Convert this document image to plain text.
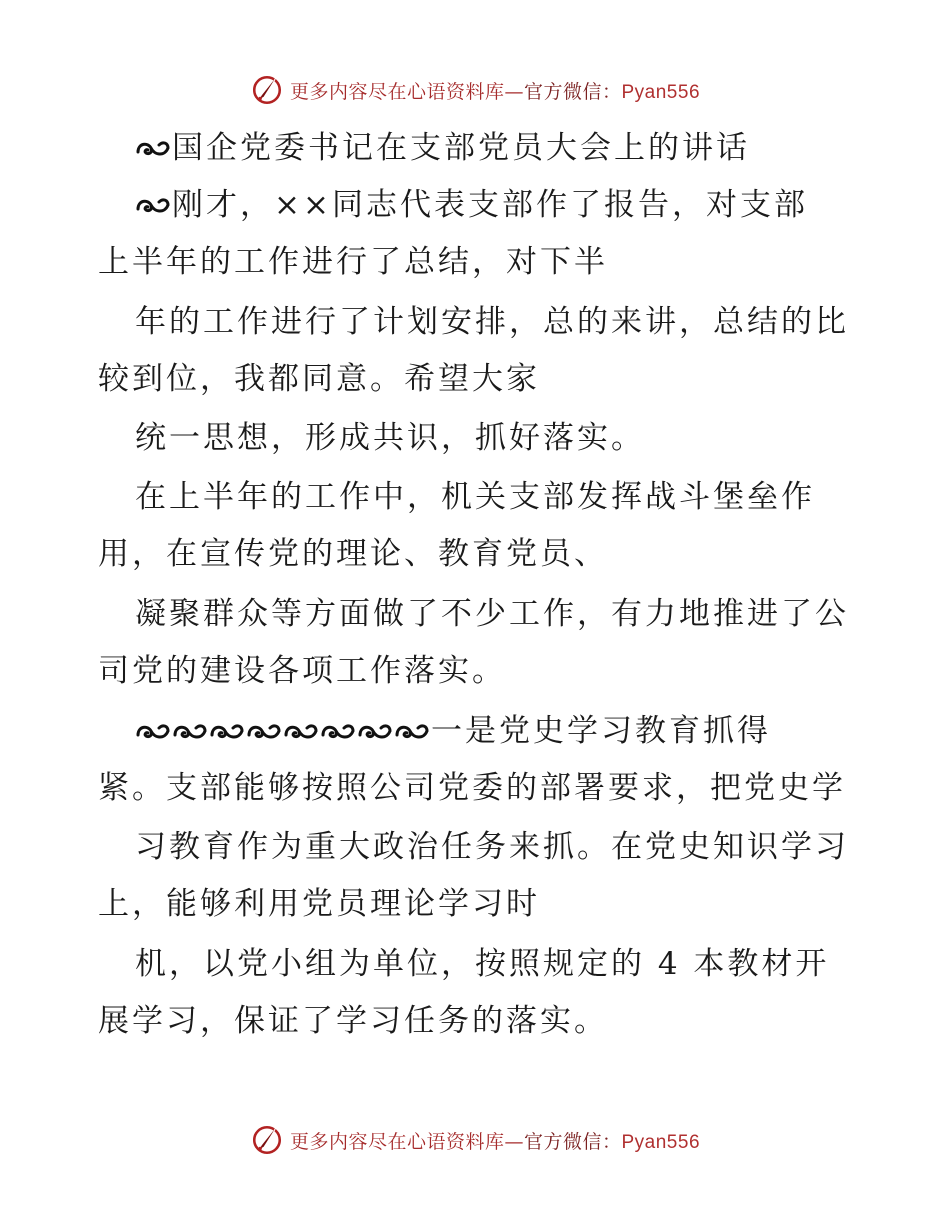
更多内容尽在心语资料库—官方微信：Pyan556
国企党委书记在支部党员大会上的讲话
刚才，××同志代表支部作了报告，对支部
上半年的工作进行了总结，对下半
年的工作进行了计划安排，总的来讲，总结的比
较到位，我都同意。希望大家
统一思想，形成共识，抓好落实。
在上半年的工作中，机关支部发挥战斗堡垒作
用，在宣传党的理论、教育党员、
凝聚群众等方面做了不少工作，有力地推进了公
司党的建设各项工作落实。
一是党史学习教育抓得
紧。支部能够按照公司党委的部署要求，把党史学
习教育作为重大政治任务来抓。在党史知识学习
上，能够利用党员理论学习时
机，以党小组为单位，按照规定的 4 本教材开
展学习，保证了学习任务的落实。
更多内容尽在心语资料库—官方微信：Pyan556
